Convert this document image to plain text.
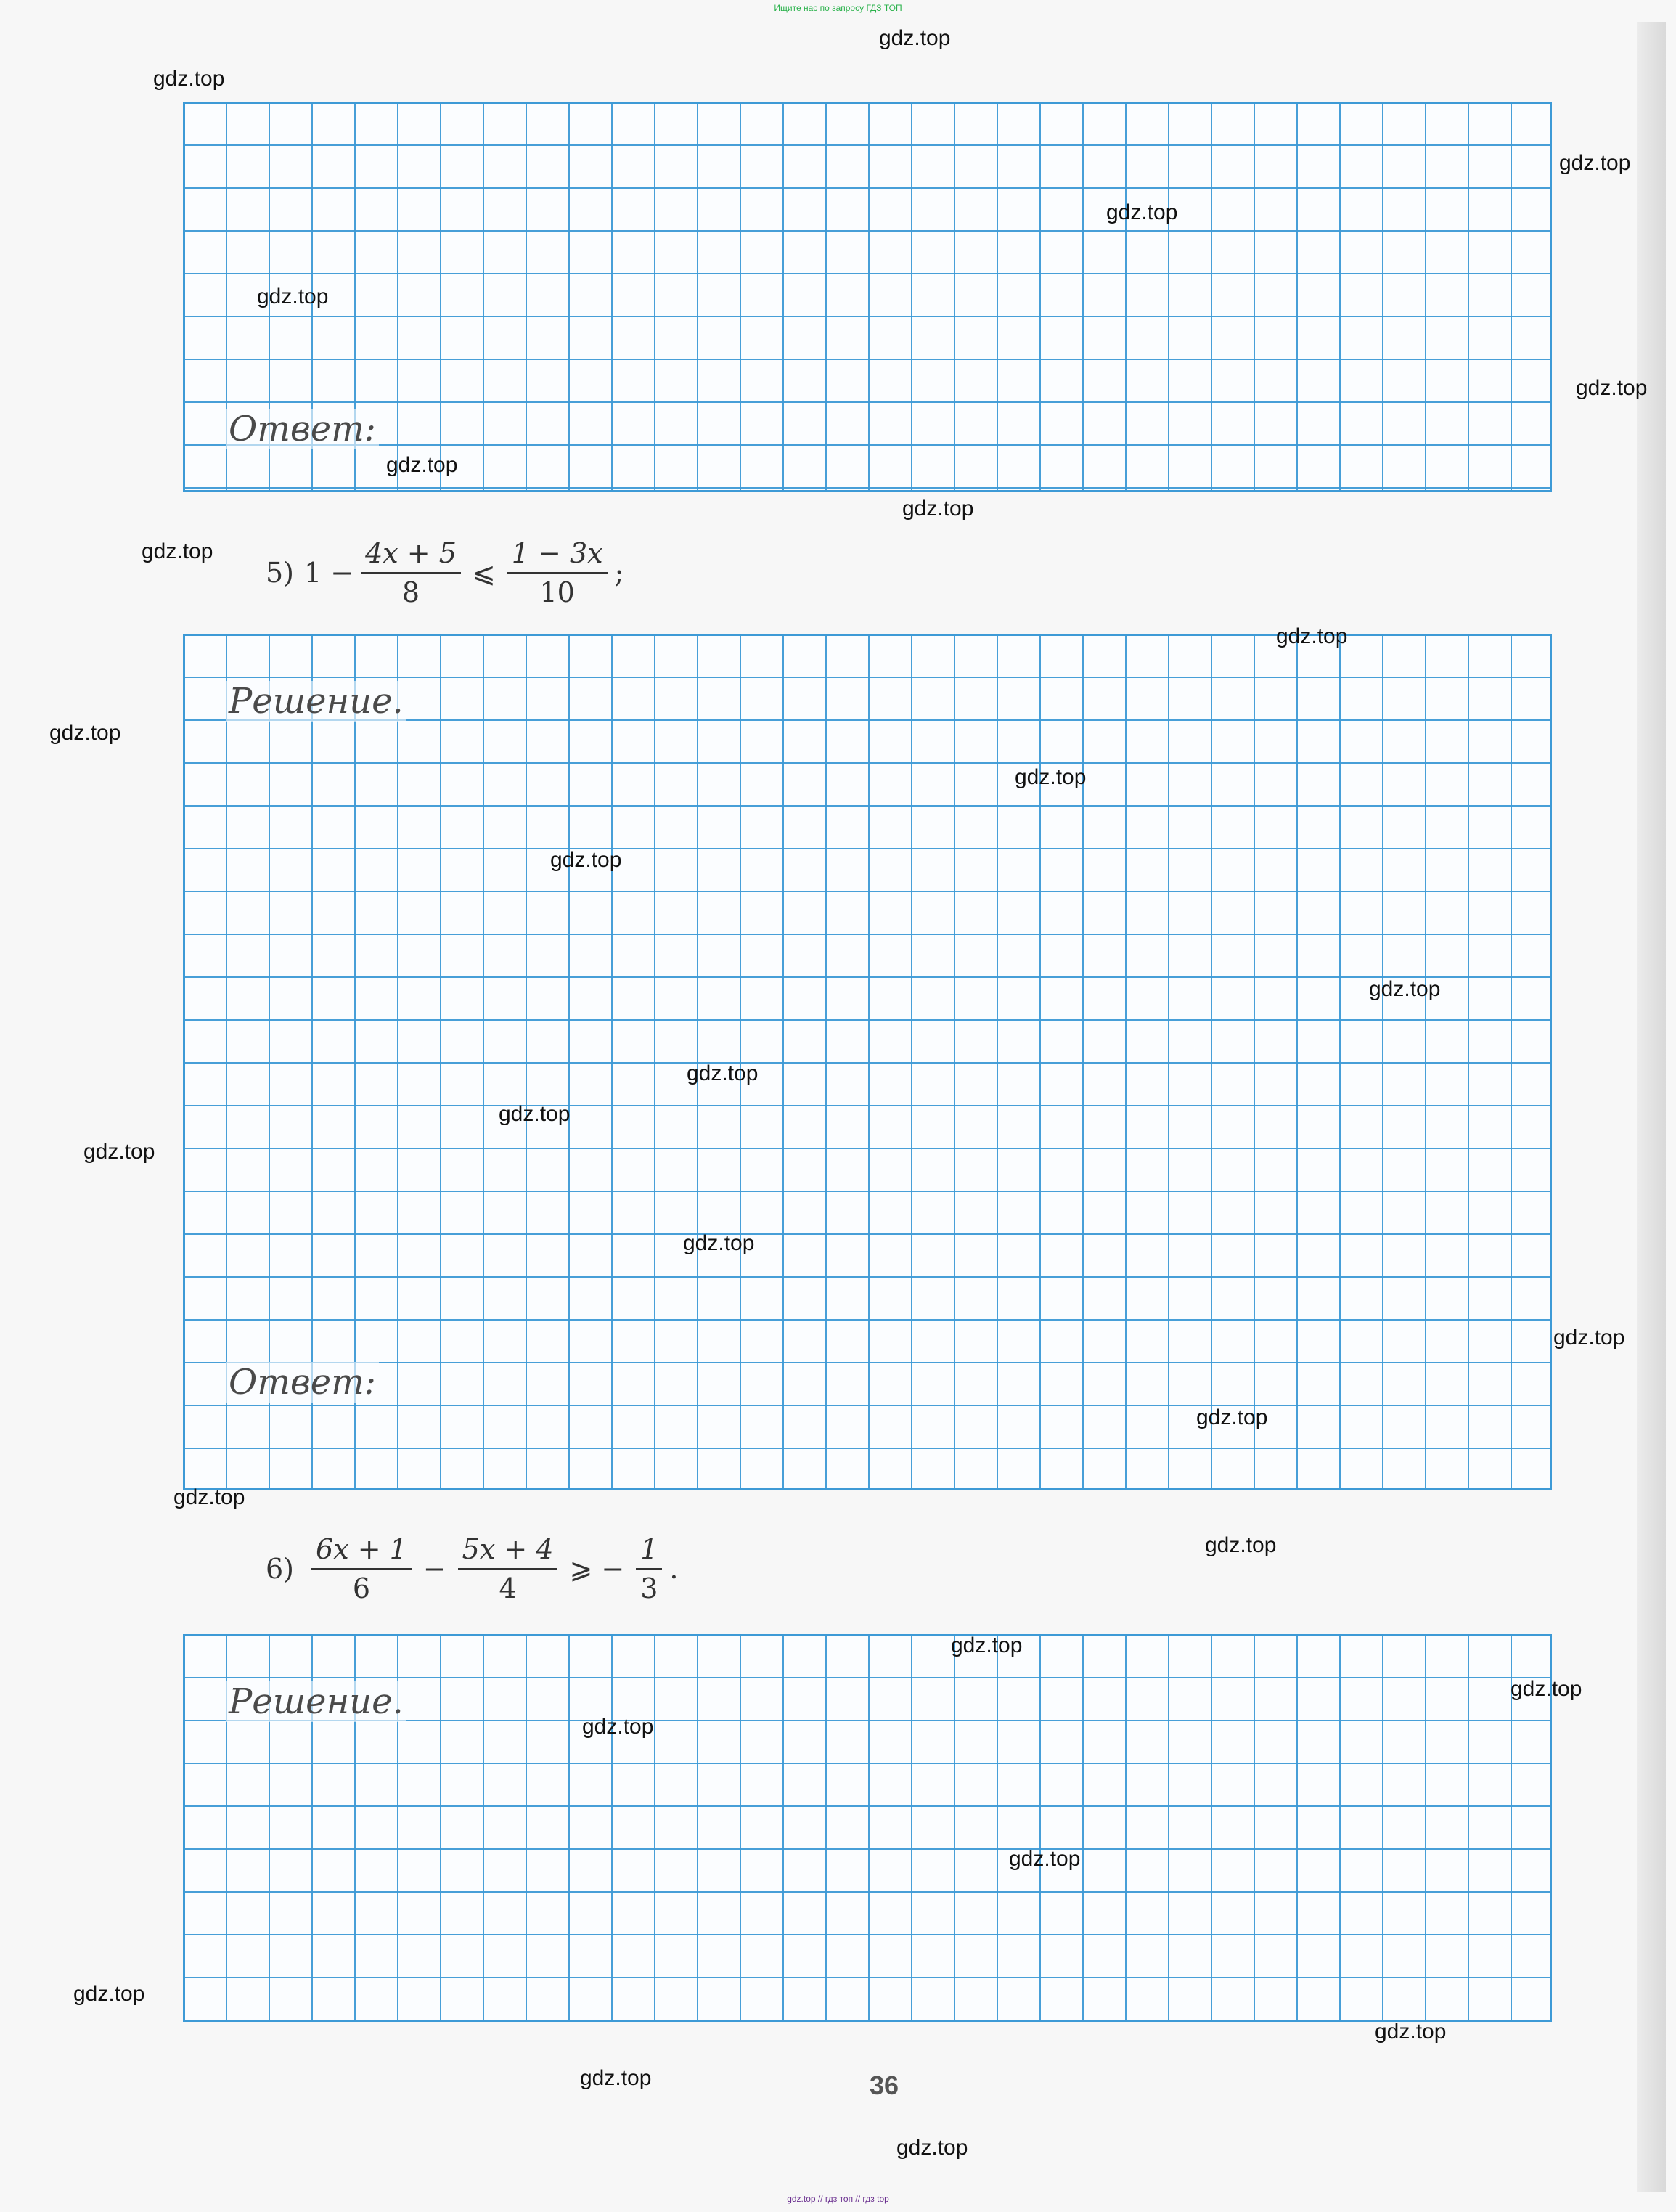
Ищите нас по запросу ГДЗ ТОП
Ответ:
5) $1 - \frac{4x + 5}{8}$ ⩽ $\frac{1 - 3x}{10}$ ;
Решение.
Ответ:
$6) \frac{6x + 1}{6} - \frac{5x + 4}{4}$ ⩾ − $\frac{1}{3}$ .
Решение.
gdz.top
gdz.top
gdz.top
gdz.top
gdz.top
gdz.top
gdz.top
gdz.top
gdz.top
gdz.top
gdz.top
gdz.top
gdz.top
gdz.top
gdz.top
gdz.top
gdz.top
gdz.top
gdz.top
gdz.top
gdz.top
gdz.top
gdz.top
gdz.top
gdz.top
gdz.top
gdz.top
gdz.top
gdz.top
gdz.top
36
gdz.top // гдз топ // гдз top
